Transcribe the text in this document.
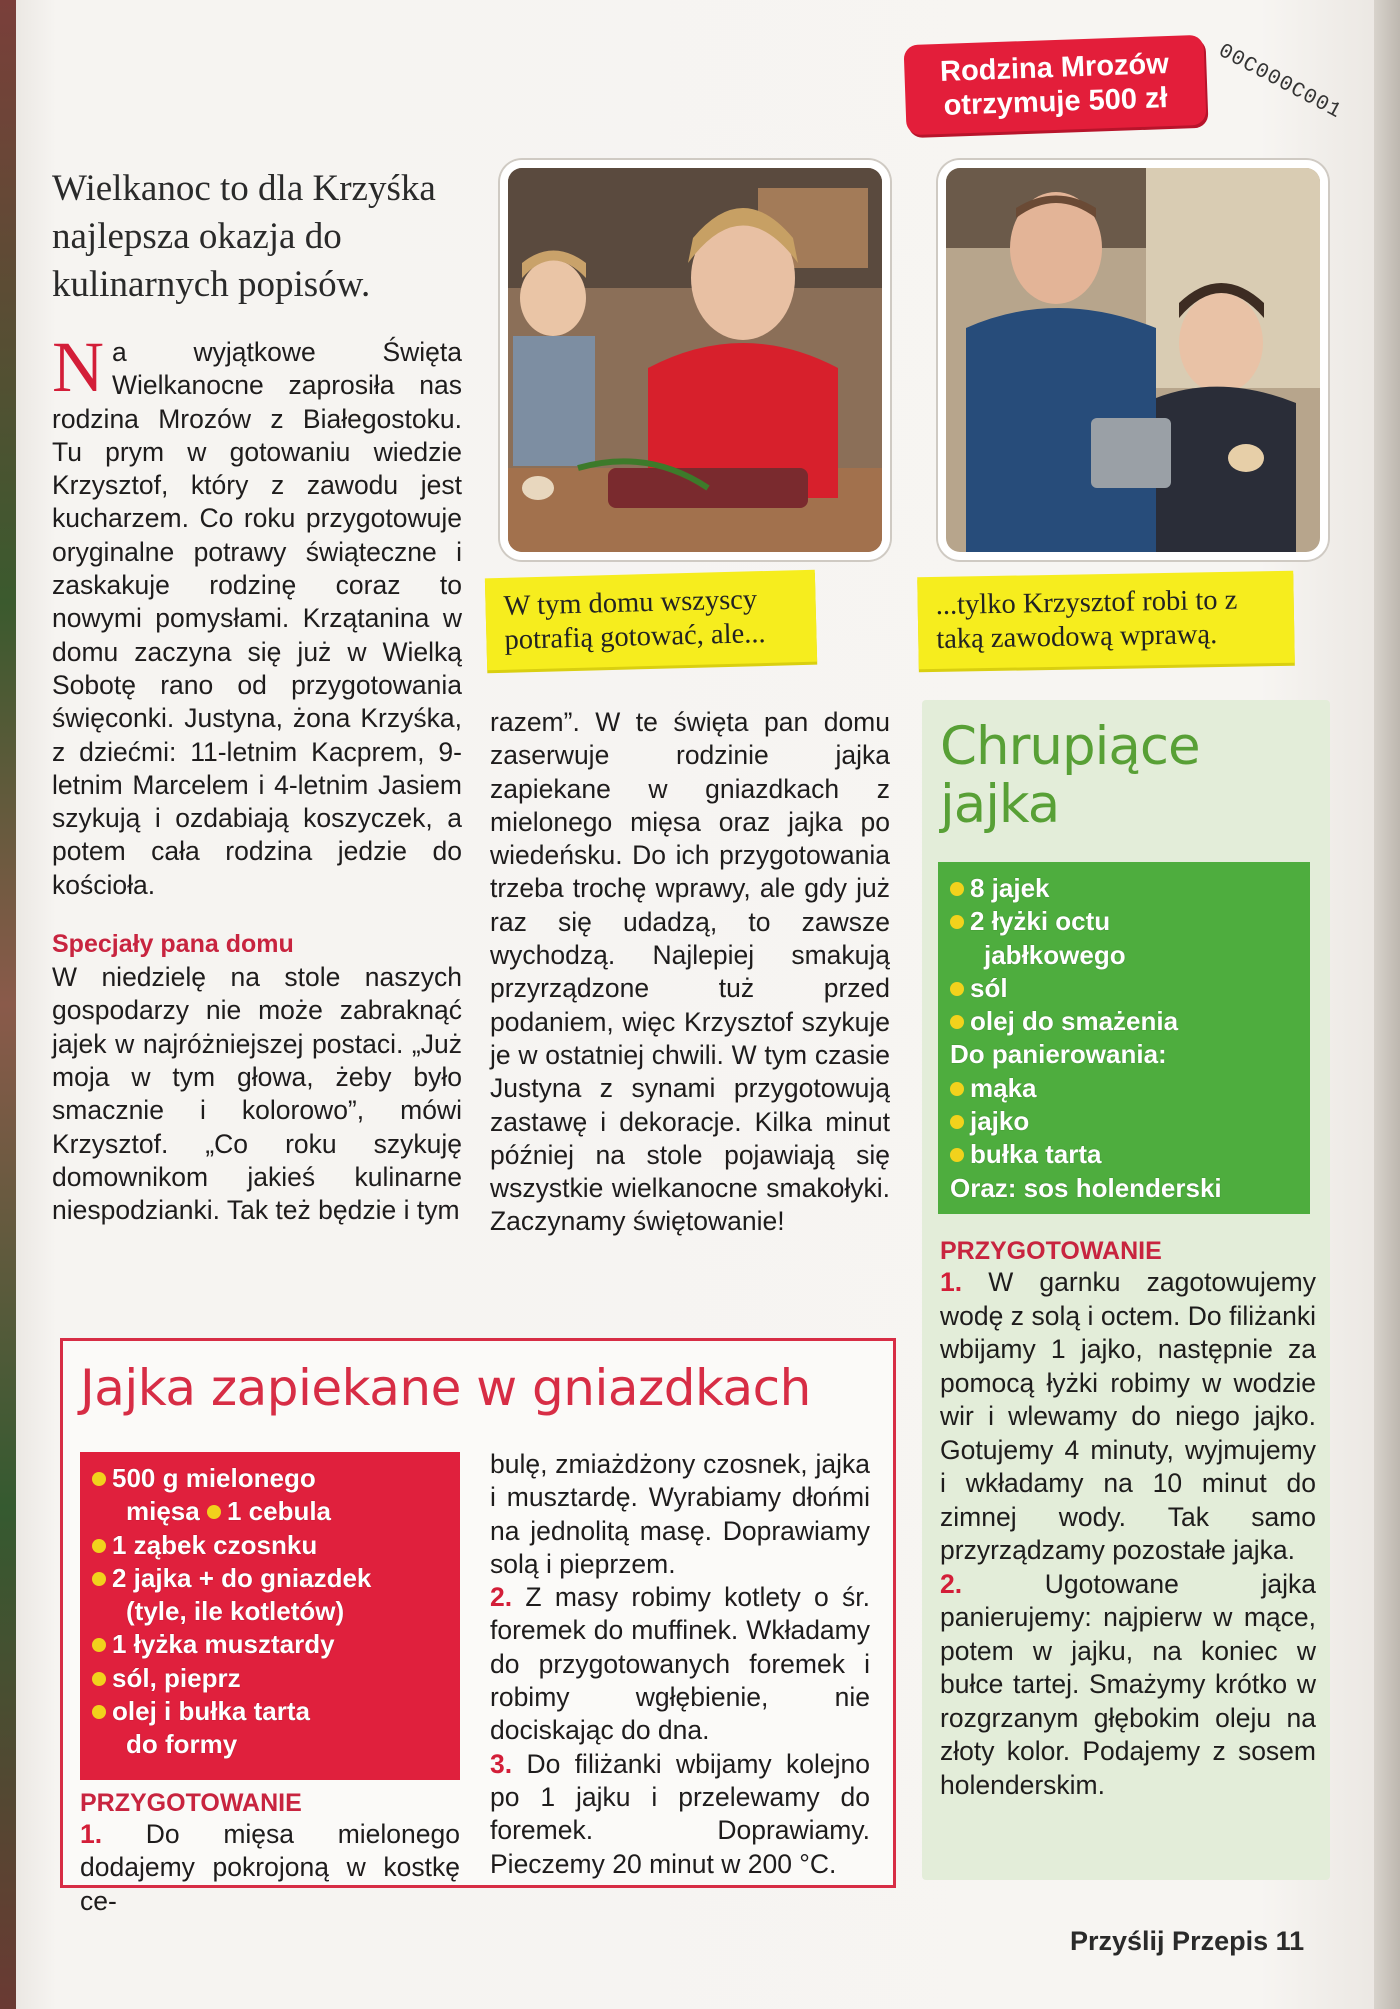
Rodzina Mrozów
otrzymuje 500 zł	00C000C001
Wielkanoc to dla Krzyśka najlepsza okazja do kulinarnych popisów.
N a wyjątkowe Święta Wielkanocne zaprosiła nas rodzina Mrozów z Białegostoku. Tu prym w gotowaniu wiedzie Krzysztof, który z zawodu jest kucharzem. Co roku przygotowuje oryginalne potrawy świąteczne i zaskakuje rodzinę coraz to nowymi pomysłami. Krzątanina w domu zaczyna się już w Wielką Sobotę rano od przygotowania święconki. Justyna, żona Krzyśka, z dziećmi: 11-letnim Kacprem, 9-letnim Marcelem i 4-letnim Jasiem szykują i ozdabiają koszyczek, a potem cała rodzina jedzie do kościoła.

Specjały pana domu

W niedzielę na stole naszych gospodarzy nie może zabraknąć jajek w najróżniejszej postaci. „Już moja w tym głowa, żeby było smacznie i kolorowo”, mówi Krzysztof. „Co roku szykuję domownikom jakieś kulinarne niespodzianki. Tak też będzie i tym

razem”. W te święta pan domu zaserwuje rodzinie jajka zapiekane w gniazdkach z mielonego mięsa oraz jajka po wiedeńsku. Do ich przygotowania trzeba trochę wprawy, ale gdy już raz się udadzą, to zawsze wychodzą. Najlepiej smakują przyrządzone tuż przed podaniem, więc Krzysztof szykuje je w ostatniej chwili. W tym czasie Justyna z synami przygotowują zastawę i dekoracje. Kilka minut później na stole pojawiają się wszystkie wielkanocne smakołyki. Zaczynamy świętowanie!

W tym domu wszyscy potrafią gotować, ale...
...tylko Krzysztof robi to z taką zawodową wprawą.
Chrupiące
jajka
8 jajek
2 łyżki octu
jabłkowego
sól
olej do smażenia
Do panierowania:
mąka
jajko
bułka tarta
Oraz: sos holenderski
PRZYGOTOWANIE

1. W garnku zagotowujemy wodę z solą i octem. Do filiżanki wbijamy 1 jajko, następnie za pomocą łyżki robimy w wodzie wir i wlewamy do niego jajko. Gotujemy 4 minuty, wyjmujemy i wkładamy na 10 minut do zimnej wody. Tak samo przyrządzamy pozostałe jajka.

2.	Ugotowane jajka panierujemy: najpierw w mące, potem w jajku, na koniec w bułce tartej. Smażymy krótko w rozgrzanym głębokim oleju na złoty kolor. Podajemy z sosem holenderskim.

Jajka zapiekane w gniazdkach
500 g mielonego
mięsa 1 cebula
1 ząbek czosnku
2 jajka + do gniazdek
(tyle, ile kotletów)
1 łyżka musztardy
sól, pieprz
olej i bułka tarta
do formy
PRZYGOTOWANIE

1. Do mięsa mielonego dodajemy pokrojoną w kostkę ce-

bulę, zmiażdżony czosnek, jajka i musztardę. Wyrabiamy dłońmi na jednolitą masę. Doprawiamy solą i pieprzem.

2. Z masy robimy kotlety o śr. foremek do muffinek. Wkładamy do przygotowanych foremek i robimy wgłębienie, nie dociskając do dna.

3. Do filiżanki wbijamy kolejno po 1 jajku i przelewamy do foremek. Doprawiamy. Pieczemy 20 minut w 200 °C.

Przyślij Przepis 11
